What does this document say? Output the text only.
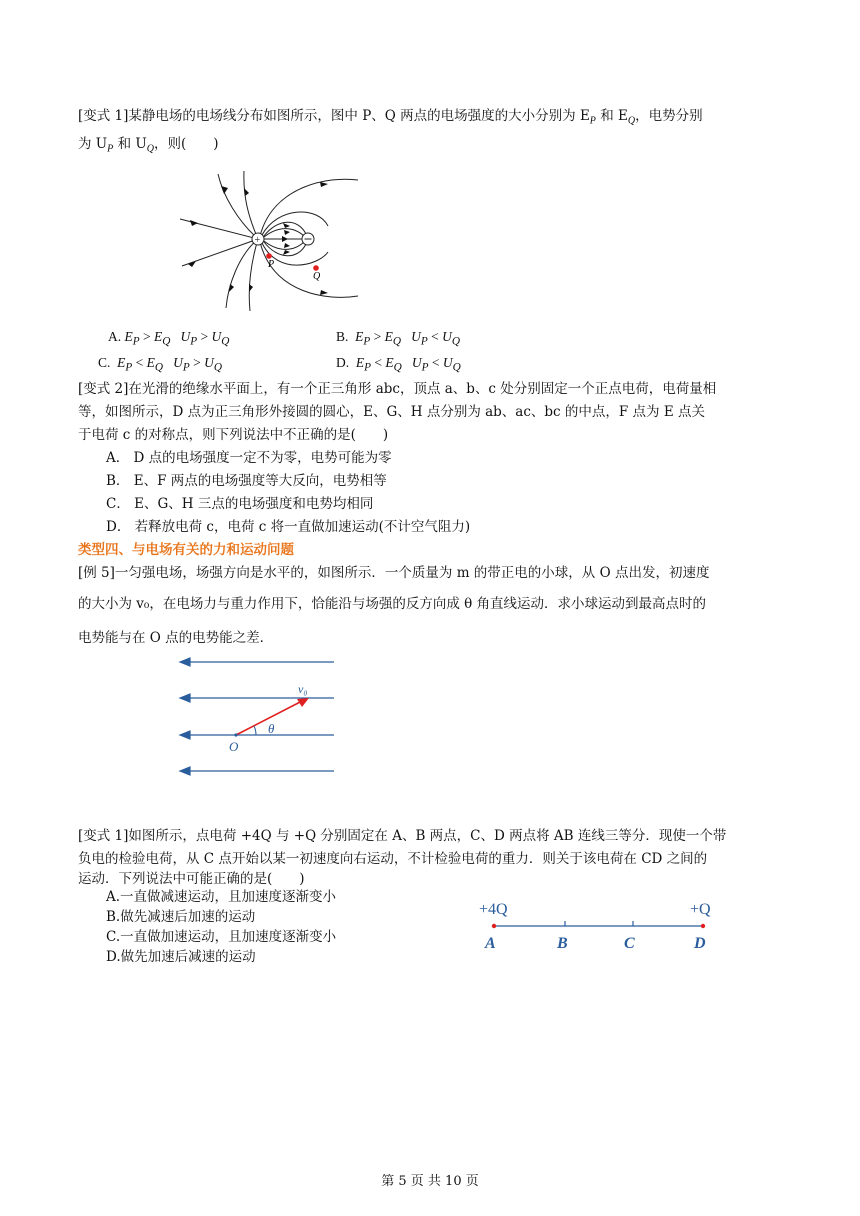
[变式 1]某静电场的电场线分布如图所示，图中 P、Q 两点的电场强度的大小分别为 $E_P$ 和 $E_Q$，电势分别
为 $U_P$ 和 $U_Q$，则(　　)
+
P
Q
A. $E_P > E_Q$ $U_P > U_Q$	B.  $E_P > E_Q$ $U_P < U_Q$
C.  $E_P < E_Q$ $U_P > U_Q$	D.  $E_P < E_Q$ $U_P < U_Q$
[变式 2]在光滑的绝缘水平面上，有一个正三角形 abc，顶点 a、b、c 处分别固定一个正点电荷，电荷量相
等，如图所示，D 点为正三角形外接圆的圆心，E、G、H 点分别为 ab、ac、bc 的中点，F 点为 E 点关
于电荷 c 的对称点，则下列说法中不正确的是(　　)
A． D 点的电场强度一定不为零，电势可能为零
B． E、F 两点的电场强度等大反向，电势相等
C． E、G、H 三点的电场强度和电势均相同
D． 若释放电荷 c，电荷 c 将一直做加速运动(不计空气阻力)
类型四、与电场有关的力和运动问题
[例 5]一匀强电场，场强方向是水平的，如图所示．一个质量为 m 的带正电的小球，从 O 点出发，初速度
的大小为 v₀，在电场力与重力作用下，恰能沿与场强的反方向成 θ 角直线运动．求小球运动到最高点时的
电势能与在 O 点的电势能之差．
v₀
θ
O
[变式 1]如图所示，点电荷 +4Q 与 +Q 分别固定在 A、B 两点，C、D 两点将 AB 连线三等分．现使一个带
负电的检验电荷，从 C 点开始以某一初速度向右运动，不计检验电荷的重力．则关于该电荷在 CD 之间的
运动．下列说法中可能正确的是(　　)
A.一直做减速运动，且加速度逐渐变小
B.做先减速后加速的运动
C.一直做加速运动，且加速度逐渐变小
D.做先加速后减速的运动
+4Q	+Q
A	B	C	D
第 5 页 共 10 页
